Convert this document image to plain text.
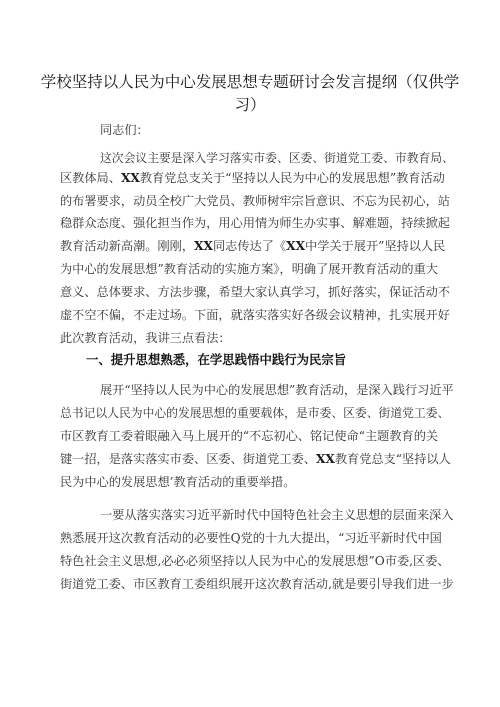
学校坚持以人民为中心发展思想专题研讨会发言提纲（仅供学
习）
同志们：
这次会议主要是深入学习落实市委、区委、街道党工委、市教育局、
区教体局、XX教育党总支关于“坚持以人民为中心的发展思想”教育活动
的布署要求，动员全校广大党员、教师树牢宗旨意识、不忘为民初心，站
稳群众态度、强化担当作为，用心用情为师生办实事、解难题，持续掀起
教育活动新高潮。刚刚，XX同志传达了《XX中学关于展开”坚持以人民
为中心的发展思想”教育活动的实施方案》，明确了展开教育活动的重大
意义、总体要求、方法步骤，希望大家认真学习，抓好落实，保证活动不
虚不空不偏，不走过场。下面，就落实落实好各级会议精神，扎实展开好
此次教育活动，我讲三点看法：
一、提升思想熟悉，在学思践悟中践行为民宗旨
展开“坚持以人民为中心的发展思想”教育活动，是深入践行习近平
总书记以人民为中心的发展思想的重要载体，是市委、区委、街道党工委、
市区教育工委着眼融入马上展开的“不忘初心、铭记使命“主题教育的关
键一招，是落实落实市委、区委、街道党工委、XX教育党总支“坚持以人
民为中心的发展思想’教育活动的重要举措。
一要从落实落实习近平新时代中国特色社会主义思想的层面来深入
熟悉展开这次教育活动的必要性Q党的十九大提出，“习近平新时代中国
特色社会主义思想,必必必须坚持以人民为中心的发展思想”O市委,区委、
街道党工委、市区教育工委组织展开这次教育活动,就是要引导我们进一步
